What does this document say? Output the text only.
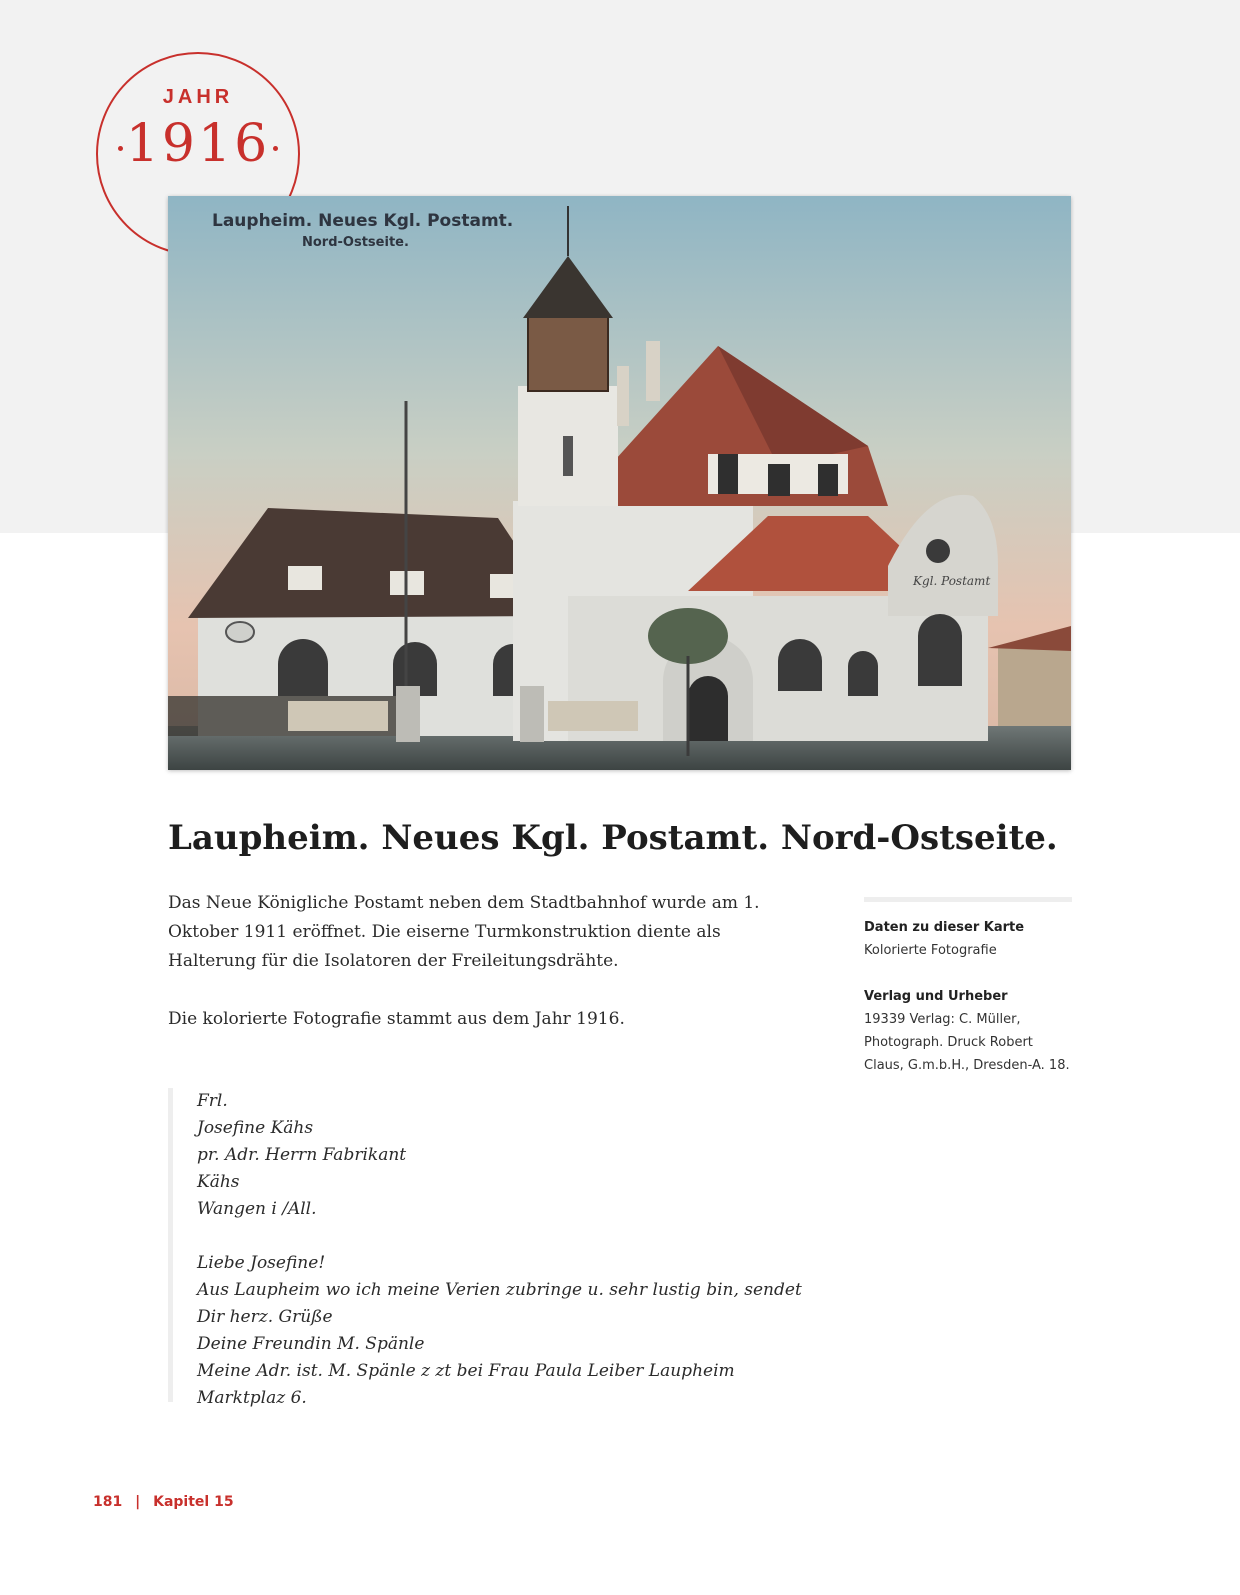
JAHR
1916
Kgl. Postamt
Laupheim. Neues Kgl. Postamt.
Nord-Ostseite.
Laupheim. Neues Kgl. Postamt. Nord-Ostseite.

Das Neue Königliche Postamt neben dem Stadtbahnhof wurde am 1. Oktober 1911 eröffnet. Die eiserne Turmkonstruktion diente als Halterung für die Isolatoren der Freileitungsdrähte.

Die kolorierte Fotografie stammt aus dem Jahr 1916.

Daten zu dieser Karte
Kolorierte Fotografie
Verlag und Urheber
19339 Verlag: C. Müller, Photograph. Druck Robert Claus, G.m.b.H., Dresden-A. 18.
Frl.
Josefine Kähs
pr. Adr. Herrn Fabrikant
Kähs
Wangen i /All.
Liebe Josefine!
Aus Laupheim wo ich meine Verien zubringe u. sehr lustig bin, sendet
Dir herz. Grüße
Deine Freundin M. Spänle
Meine Adr. ist. M. Spänle z zt bei Frau Paula Leiber Laupheim
Marktplaz 6.
181 | Kapitel 15
